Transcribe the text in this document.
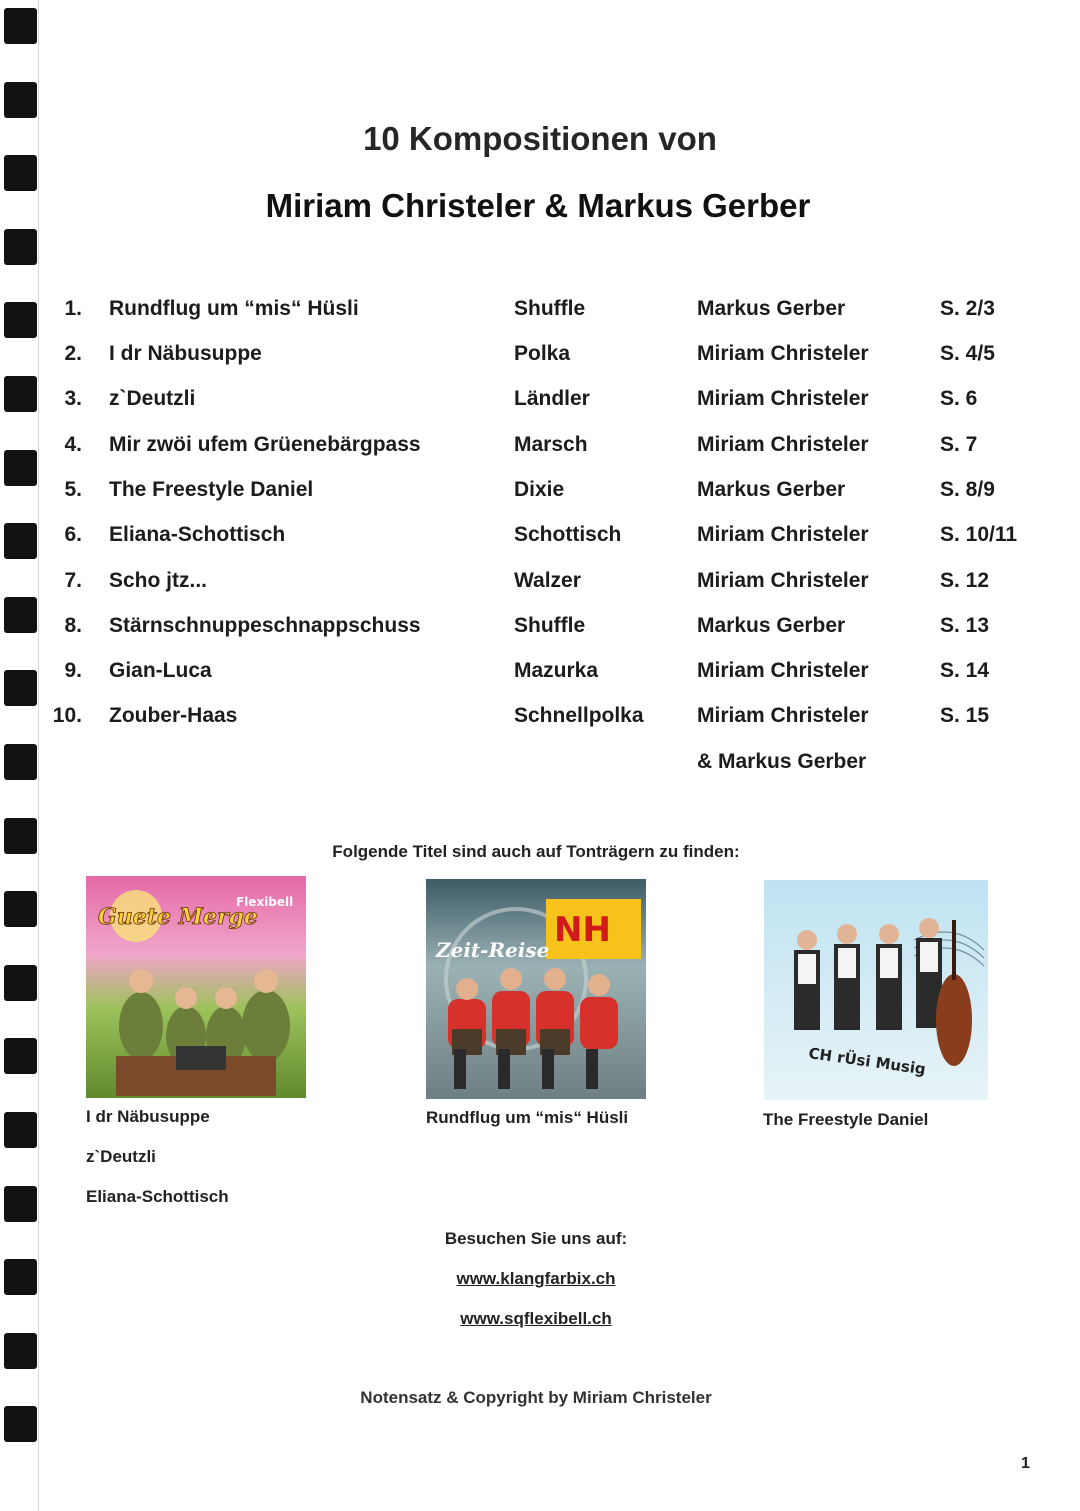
10 Kompositionen von
Miriam Christeler & Markus Gerber
1. Rundflug um “mis“ Hüsli	Shuffle	Markus Gerber	S. 2/3
2. I dr Näbusuppe	Polka	Miriam Christeler	S. 4/5
3. z`Deutzli	Ländler	Miriam Christeler	S. 6
4. Mir zwöi ufem Grüenebärgpass	Marsch	Miriam Christeler	S. 7
5. The Freestyle Daniel	Dixie	Markus Gerber	S. 8/9
6. Eliana-Schottisch	Schottisch	Miriam Christeler	S. 10/11
7. Scho jtz...	Walzer	Miriam Christeler	S. 12
8. Stärnschnuppeschnappschuss	Shuffle	Markus Gerber	S. 13
9. Gian-Luca	Mazurka	Miriam Christeler	S. 14
10. Zouber-Haas	Schnellpolka	Miriam Christeler	S. 15
& Markus Gerber
Folgende Titel sind auch auf Tonträgern zu finden:
Guete Merge
Flexibell
NH
Zeit-Reise
CH rÜsi Musig
I dr Näbusuppe
z`Deutzli
Eliana-Schottisch
Rundflug um “mis“ Hüsli	The Freestyle Daniel
Besuchen Sie uns auf:
www.klangfarbix.ch
www.sqflexibell.ch
Notensatz & Copyright by Miriam Christeler
1
